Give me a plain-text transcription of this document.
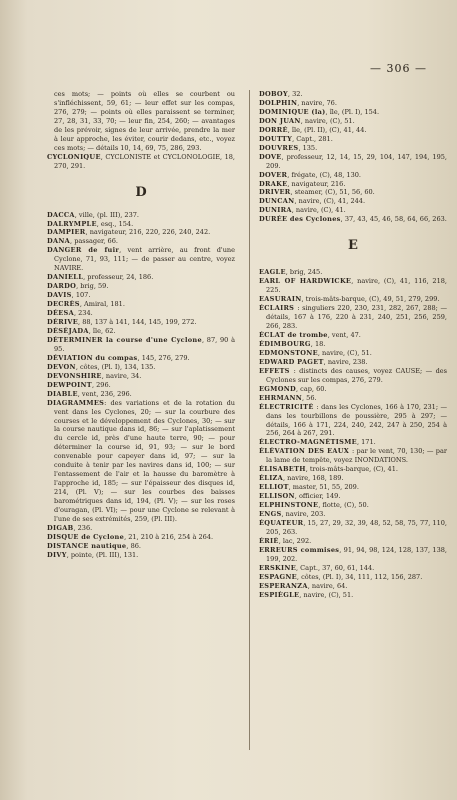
— 306 —

ces mots; — points où elles se courbent ou s'infléchissent, 59, 61; — leur effet sur les compas, 276, 279; — points où elles paraissent se terminer, 27, 28, 31, 33, 70; — leur fin, 254, 260; — avantages de les prévoir, signes de leur arrivée, prendre la mer à leur approche, les éviter, courir dedans, etc., voyez ces mots; — détails 10, 14, 69, 75, 286, 293.

CYCLONIQUE, CYCLONISTE et CYCLONOLOGIE, 18, 270, 291.

D

DACCA, ville, (pl. III), 237.

DALRYMPLE, esq., 154.

DAMPIER, navigateur, 216, 220, 226, 240, 242.

DANA, passager, 66.

DANGER de fuir, vent arrière, au front d'une Cyclone, 71, 93, 111; — de passer au centre, voyez NAVIRE.

DANIELL, professeur, 24, 186.

DARDO, brig, 59.

DAVIS, 107.

DECRÈS, Amiral, 181.

DÉESA, 234.

DÉRIVE, 88, 137 à 141, 144, 145, 199, 272.

DÉSÉJADA, île, 62.

DÉTERMINER la course d'une Cyclone, 87, 90 à 95.

DÉVIATION du compas, 145, 276, 279.

DEVON, côtes, (Pl. I), 134, 135.

DEVONSHIRE, navire, 34.

DEWPOINT, 296.

DIABLE, vent, 236, 296.

DIAGRAMMES: des variations et de la rotation du vent dans les Cyclones, 20; — sur la courbure des courses et le développement des Cyclones, 30; — sur la course nautique dans id, 86; — sur l'aplatissement du cercle id, près d'une haute terre, 90; — pour déterminer la course id, 91, 93; — sur le bord convenable pour capeyer dans id, 97; — sur la conduite à tenir par les navires dans id, 100; — sur l'entassement de l'air et la hausse du baromètre à l'approche id, 185; — sur l'épaisseur des disques id, 214, (Pl. V); — sur les courbes des baisses barométriques dans id, 194, (Pl. V); — sur les roses d'ouragan, (Pl. VI); — pour une Cyclone se relevant à l'une de ses extrémités, 259, (Pl. III).

DIGAB, 236.

DISQUE de Cyclone, 21, 210 à 216, 254 à 264.

DISTANCE nautique, 86.

DIVY, pointe, (Pl. III), 131.

DOBOY, 32.

DOLPHIN, navire, 76.

DOMINIQUE (la), île, (Pl. I), 154.

DON JUAN, navire, (C), 51.

DORRÉ, île, (Pl. II), (C), 41, 44.

DOUTTY, Capt., 281.

DOUVRES, 135.

DOVE, professeur, 12, 14, 15, 29, 104, 147, 194, 195, 209.

DOVER, frégate, (C), 48, 130.

DRAKE, navigateur, 216.

DRIVER, steamer, (C), 51, 56, 60.

DUNCAN, navire, (C), 41, 244.

DUNIRA, navire, (C), 41.

DURÉE des Cyclones, 37, 43, 45, 46, 58, 64, 66, 263.

E

EAGLE, brig, 245.

EARL OF HARDWICKE, navire, (C), 41, 116, 218, 225.

EASURAIN, trois-mâts-barque, (C), 49, 51, 279, 299.

ÉCLAIRS : singuliers 220, 230, 231, 282, 267, 288; — détails, 167 à 176, 220 à 231, 240, 251, 256, 259, 266, 283.

ÉCLAT de trombe, vent, 47.

ÉDIMBOURG, 18.

EDMONSTONE, navire, (C), 51.

EDWARD PAGET, navire, 238.

EFFETS : distincts des causes, voyez CAUSE; — des Cyclones sur les compas, 276, 279.

EGMOND, cap, 60.

EHRMANN, 56.

ÉLECTRICITÉ : dans les Cyclones, 166 à 170, 231; — dans les tourbillons de poussière, 295 à 297; — détails, 166 à 171, 224, 240, 242, 247 à 250, 254 à 256, 264 à 267, 291.

ÉLECTRO-MAGNÉTISME, 171.

ÉLÉVATION DES EAUX : par le vent, 70, 130; — par la lame de tempête, voyez INONDATIONS.

ÉLISABETH, trois-mâts-barque, (C), 41.

ÉLIZA, navire, 168, 189.

ELLIOT, master, 51, 55, 209.

ELLISON, officier, 149.

ELPHINSTONE, flotte, (C), 50.

ENGS, navire, 203.

ÉQUATEUR, 15, 27, 29, 32, 39, 48, 52, 58, 75, 77, 110, 205, 263.

ÉRIÉ, lac, 292.

ERREURS commises, 91, 94, 98, 124, 128, 137, 138, 199, 202.

ERSKINE, Capt., 37, 60, 61, 144.

ESPAGNE, côtes, (Pl. I), 34, 111, 112, 156, 287.

ESPERANZA, navire, 64.

ESPIÈGLE, navire, (C), 51.
